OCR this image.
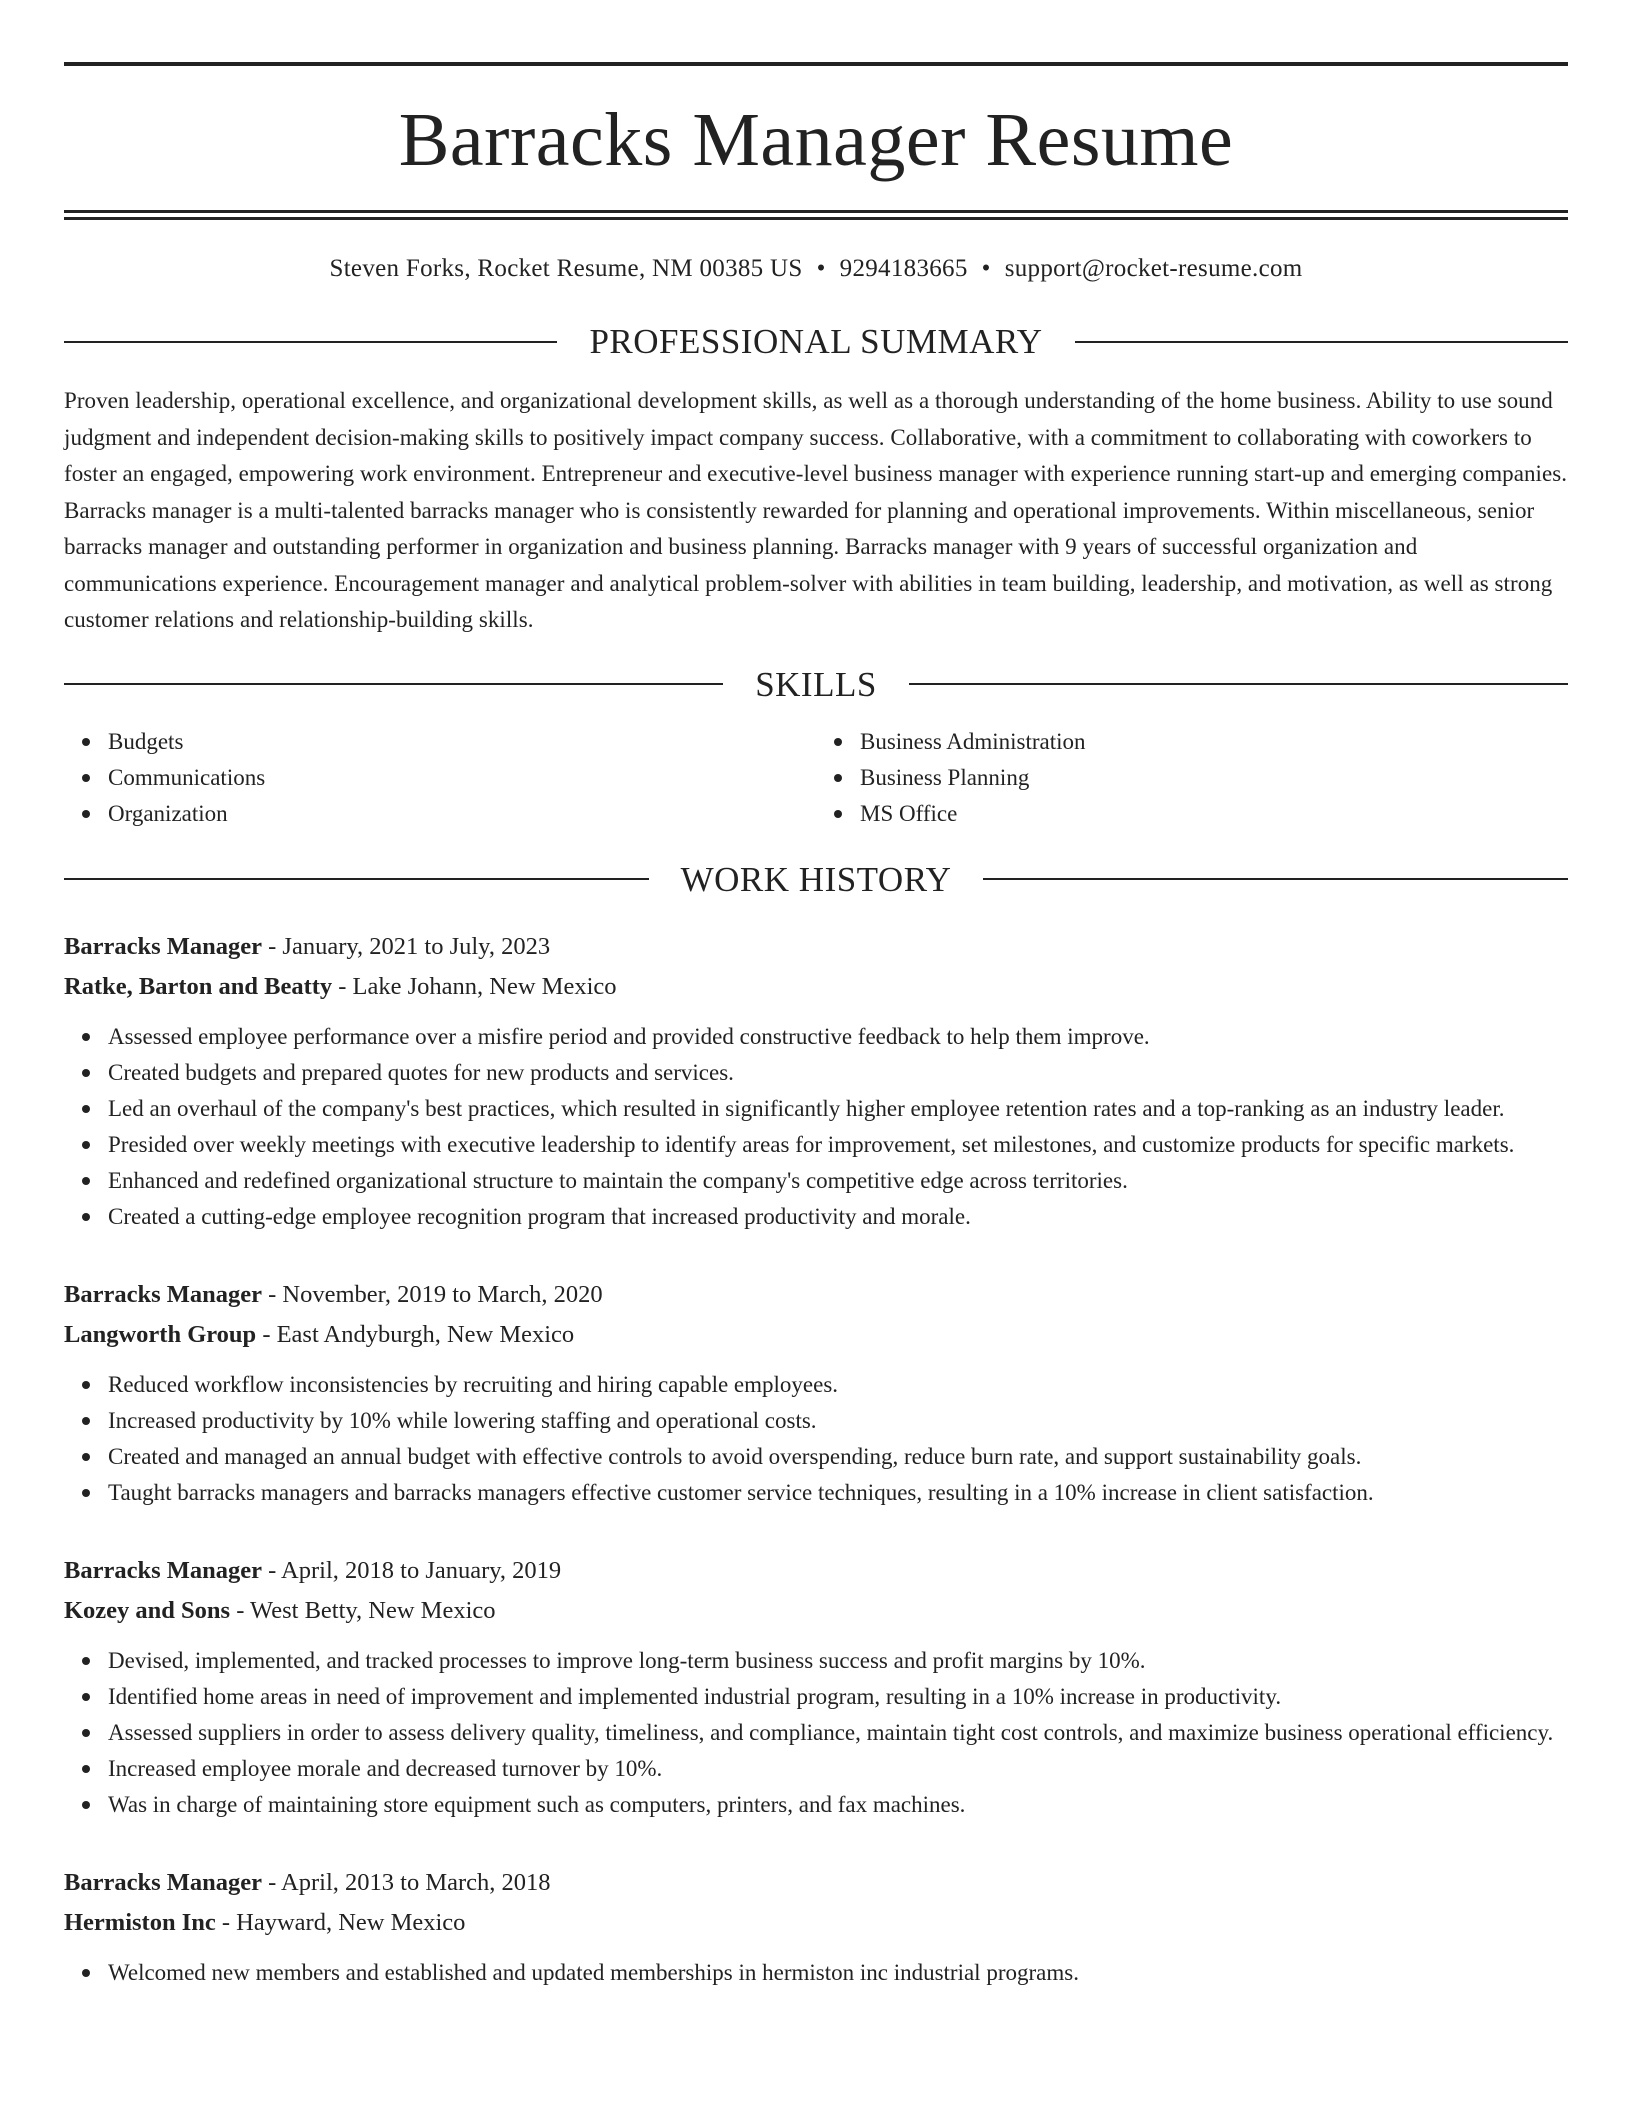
Barracks Manager Resume
Steven Forks, Rocket Resume, NM 00385 US • 9294183665 • support@rocket-resume.com
PROFESSIONAL SUMMARY

Proven leadership, operational excellence, and organizational development skills, as well as a thorough understanding of the home business. Ability to use sound judgment and independent decision-making skills to positively impact company success. Collaborative, with a commitment to collaborating with coworkers to foster an engaged, empowering work environment. Entrepreneur and executive-level business manager with experience running start-up and emerging companies. Barracks manager is a multi-talented barracks manager who is consistently rewarded for planning and operational improvements. Within miscellaneous, senior barracks manager and outstanding performer in organization and business planning. Barracks manager with 9 years of successful organization and communications experience. Encouragement manager and analytical problem-solver with abilities in team building, leadership, and motivation, as well as strong customer relations and relationship-building skills.

SKILLS
Budgets
Communications
Organization
Business Administration
Business Planning
MS Office
WORK HISTORY
Barracks Manager - January, 2021 to July, 2023
Ratke, Barton and Beatty - Lake Johann, New Mexico
Assessed employee performance over a misfire period and provided constructive feedback to help them improve.
Created budgets and prepared quotes for new products and services.
Led an overhaul of the company's best practices, which resulted in significantly higher employee retention rates and a top-ranking as an industry leader.
Presided over weekly meetings with executive leadership to identify areas for improvement, set milestones, and customize products for specific markets.
Enhanced and redefined organizational structure to maintain the company's competitive edge across territories.
Created a cutting-edge employee recognition program that increased productivity and morale.
Barracks Manager - November, 2019 to March, 2020
Langworth Group - East Andyburgh, New Mexico
Reduced workflow inconsistencies by recruiting and hiring capable employees.
Increased productivity by 10% while lowering staffing and operational costs.
Created and managed an annual budget with effective controls to avoid overspending, reduce burn rate, and support sustainability goals.
Taught barracks managers and barracks managers effective customer service techniques, resulting in a 10% increase in client satisfaction.
Barracks Manager - April, 2018 to January, 2019
Kozey and Sons - West Betty, New Mexico
Devised, implemented, and tracked processes to improve long-term business success and profit margins by 10%.
Identified home areas in need of improvement and implemented industrial program, resulting in a 10% increase in productivity.
Assessed suppliers in order to assess delivery quality, timeliness, and compliance, maintain tight cost controls, and maximize business operational efficiency.
Increased employee morale and decreased turnover by 10%.
Was in charge of maintaining store equipment such as computers, printers, and fax machines.
Barracks Manager - April, 2013 to March, 2018
Hermiston Inc - Hayward, New Mexico
Welcomed new members and established and updated memberships in hermiston inc industrial programs.
